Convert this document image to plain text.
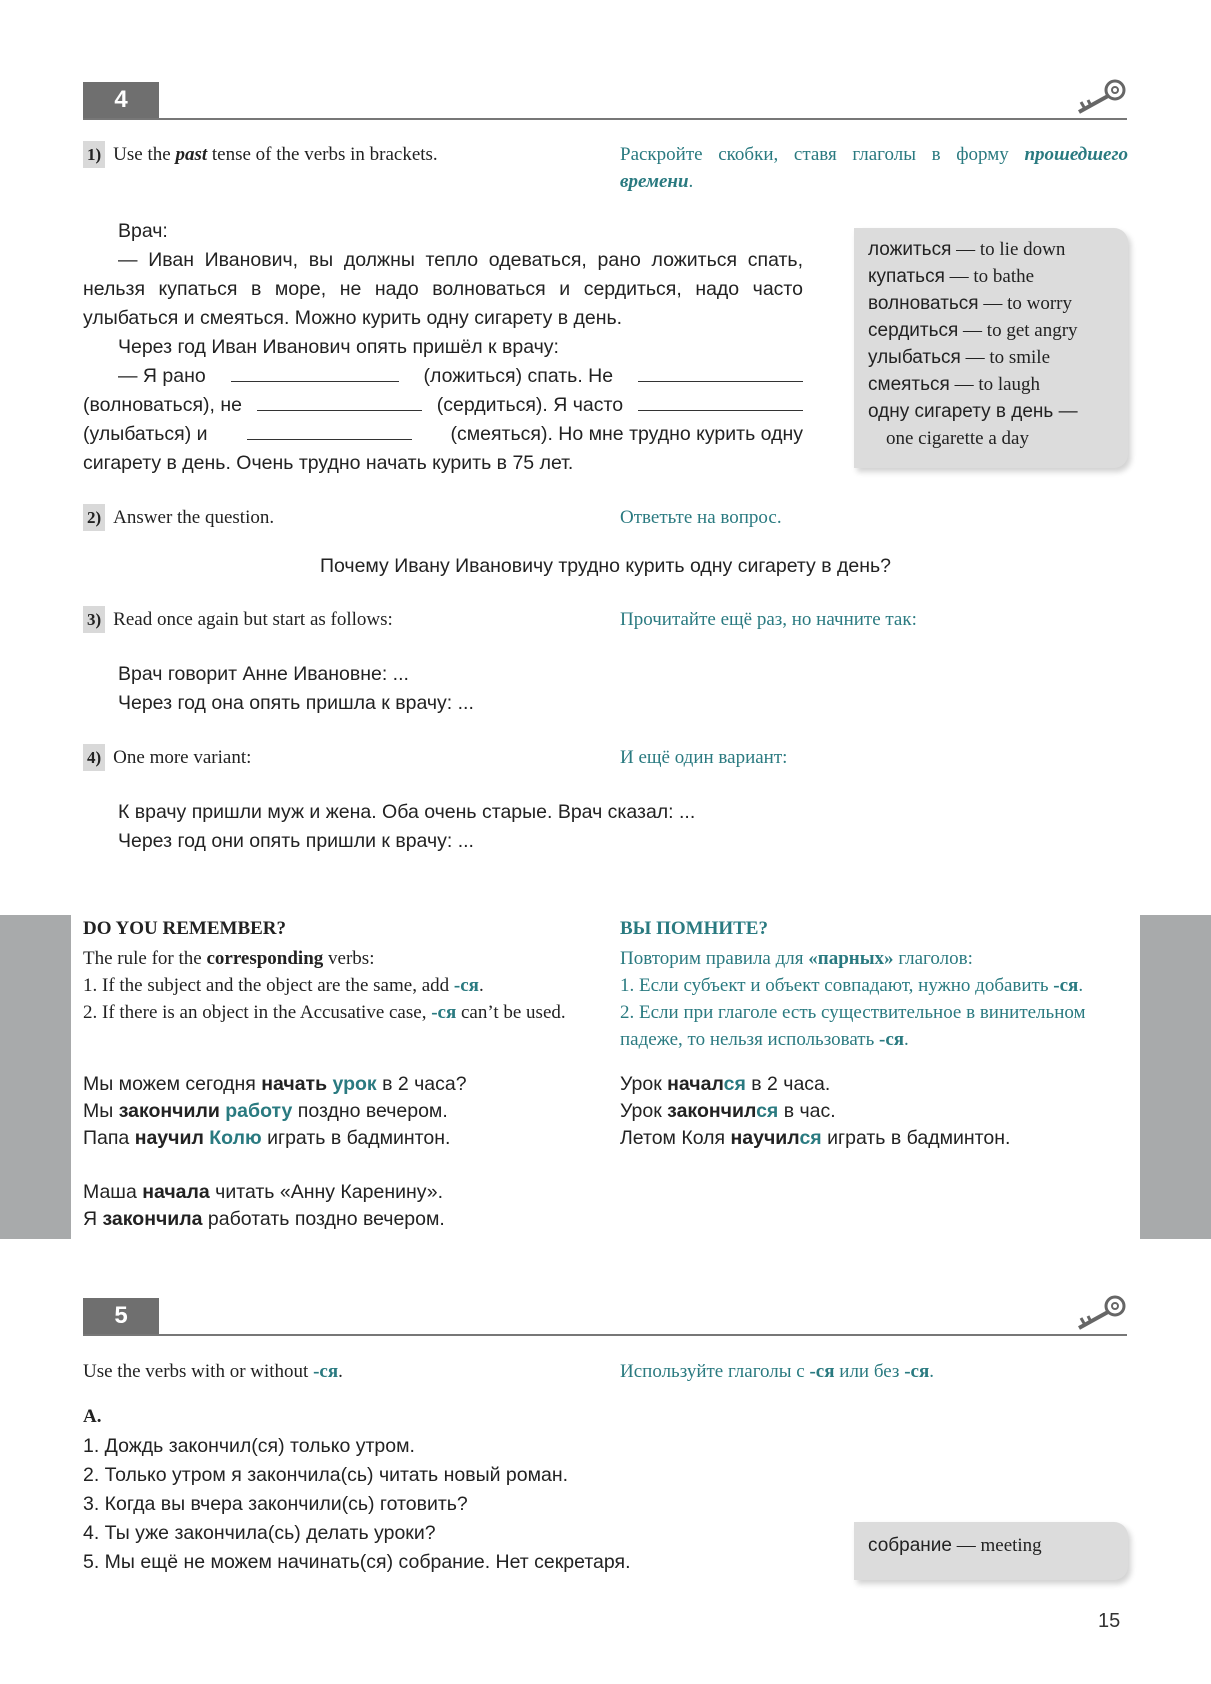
4
1) Use the past tense of the verbs in brackets.	Раскройте скобки, ставя глаголы в форму прошедшего времени.
Врач:
— Иван Иванович, вы должны тепло одеваться, рано ложиться спать,
нельзя купаться в море, не надо волноваться и сердиться, надо часто
улыбаться и смеяться. Можно курить одну сигарету в день.
Через год Иван Иванович опять пришёл к врачу:
— Я рано	(ложиться) спать. Не
(волноваться), не	(сердиться). Я часто
(улыбаться) и	(смеяться). Но мне трудно курить одну
сигарету в день. Очень трудно начать курить в 75 лет.
ложиться — to lie down
купаться — to bathe
волноваться — to worry
сердиться — to get angry
улыбаться — to smile
смеяться — to laugh
одну сигарету в день —
one cigarette a day
2) Answer the question.	Ответьте на вопрос.
Почему Ивану Ивановичу трудно курить одну сигарету в день?
3) Read once again but start as follows:	Прочитайте ещё раз, но начните так:
Врач говорит Анне Ивановне: ...
Через год она опять пришла к врачу: ...
4) One more variant:	И ещё один вариант:
К врачу пришли муж и жена. Оба очень старые. Врач сказал: ...
Через год они опять пришли к врачу: ...
DO YOU REMEMBER?	ВЫ ПОМНИТЕ?
The rule for the corresponding verbs:
1. If the subject and the object are the same, add -ся.
2. If there is an object in the Accusative case, -ся can’t be used.
Повторим правила для «парных» глаголов:
1. Если субъект и объект совпадают, нужно добавить -ся.
2. Если при глаголе есть существительное в винительном
падеже, то нельзя использовать -ся.
Мы можем сегодня начать урок в 2 часа?
Мы закончили работу поздно вечером.
Папа научил Колю играть в бадминтон.
Урок начался в 2 часа.
Урок закончился в час.
Летом Коля научился играть в бадминтон.
Маша начала читать «Анну Каренину».
Я закончила работать поздно вечером.
5
Use the verbs with or without -ся.	Используйте глаголы с -ся или без -ся.
A.
1. Дождь закончил(ся) только утром.
2. Только утром я закончила(сь) читать новый роман.
3. Когда вы вчера закончили(сь) готовить?
4. Ты уже закончила(сь) делать уроки?
5. Мы ещё не можем начинать(ся) собрание. Нет секретаря.
собрание — meeting
15
